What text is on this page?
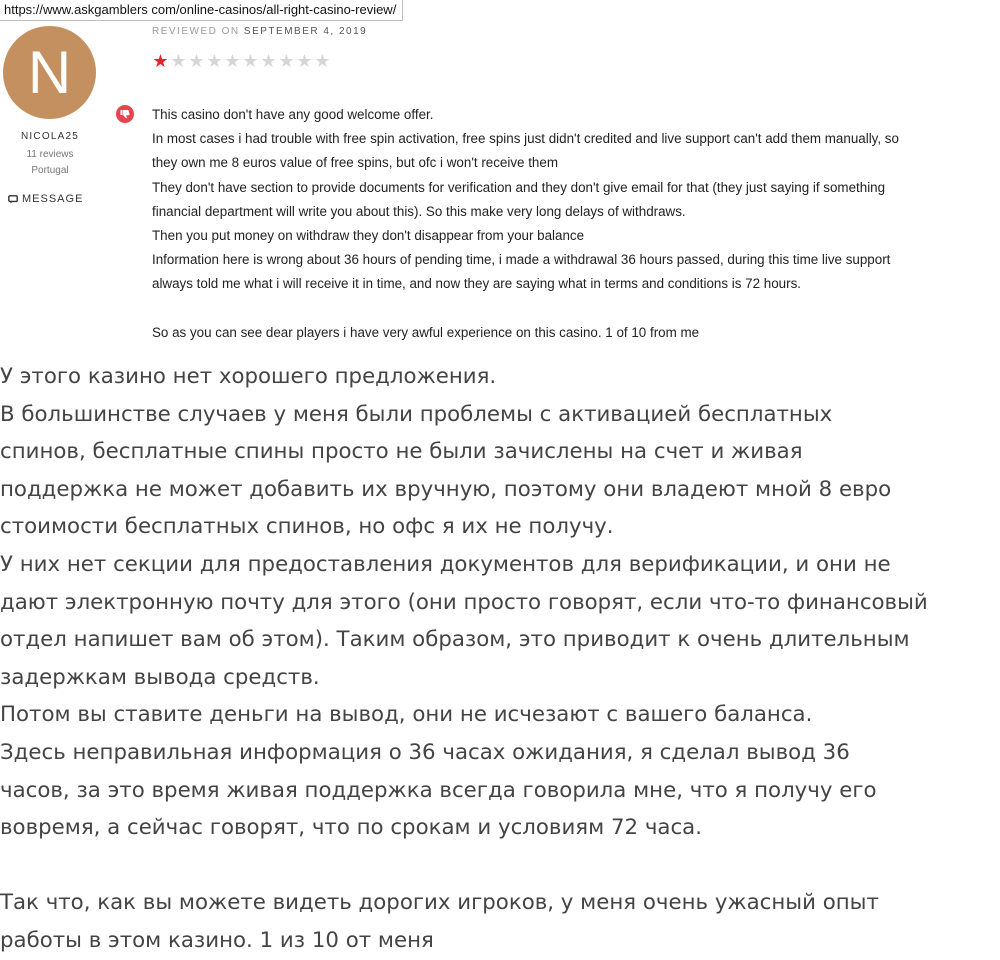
https://www.askgamblers com/online-casinos/all-right-casino-review/
N
NICOLA25
11 reviews
Portugal
MESSAGE
REVIEWED ON SEPTEMBER 4, 2019
★ ★ ★ ★ ★ ★ ★ ★ ★ ★

This casino don't have any good welcome offer.

In most cases i had trouble with free spin activation, free spins just didn't credited and live support can't add them manually, so

they own me 8 euros value of free spins, but ofc i won't receive them

They don't have section to provide documents for verification and they don't give email for that (they just saying if something

financial department will write you about this). So this make very long delays of withdraws.

Then you put money on withdraw they don't disappear from your balance

Information here is wrong about 36 hours of pending time, i made a withdrawal 36 hours passed, during this time live support

always told me what i will receive it in time, and now they are saying what in terms and conditions is 72 hours.

So as you can see dear players i have very awful experience on this casino. 1 of 10 from me

У этого казино нет хорошего предложения.

В большинстве случаев у меня были проблемы с активацией бесплатных

спинов, бесплатные спины просто не были зачислены на счет и живая

поддержка не может добавить их вручную, поэтому они владеют мной 8 евро

стоимости бесплатных спинов, но офс я их не получу.

У них нет секции для предоставления документов для верификации, и они не

дают электронную почту для этого (они просто говорят, если что-то финансовый

отдел напишет вам об этом). Таким образом, это приводит к очень длительным

задержкам вывода средств.

Потом вы ставите деньги на вывод, они не исчезают с вашего баланса.

Здесь неправильная информация о 36 часах ожидания, я сделал вывод 36

часов, за это время живая поддержка всегда говорила мне, что я получу его

вовремя, а сейчас говорят, что по срокам и условиям 72 часа.

Так что, как вы можете видеть дорогих игроков, у меня очень ужасный опыт

работы в этом казино. 1 из 10 от меня
